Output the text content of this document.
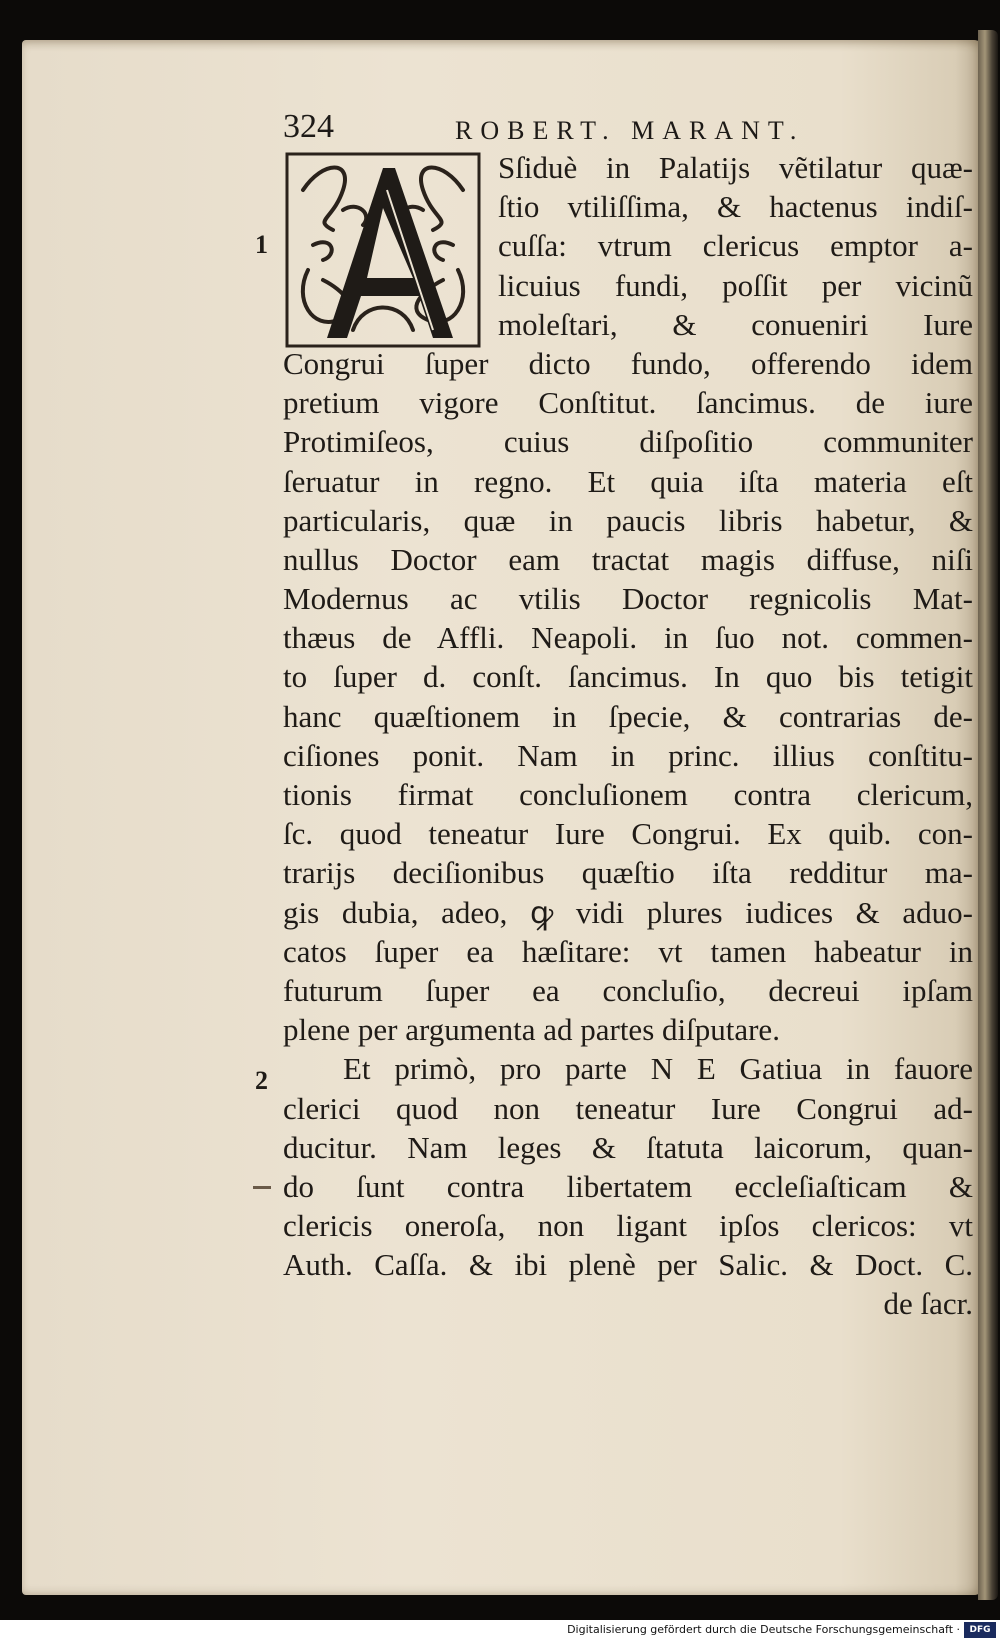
324	ROBERT. MARANT.
1
2
Sſiduè in Palatijs vẽtilatur quæ-
ſtio vtiliſſima, & hactenus indiſ-
cuſſa: vtrum clericus emptor a-
licuius fundi, poſſit per vicinũ
moleſtari, & conueniri Iure
Congrui ſuper dicto fundo, offerendo idem
pretium vigore Conſtitut. ſancimus. de iure
Protimiſeos, cuius diſpoſitio communiter
ſeruatur in regno. Et quia iſta materia eſt
particularis, quæ in paucis libris habetur, &
nullus Doctor eam tractat magis diffuse, niſi
Modernus ac vtilis Doctor regnicolis Mat-
thæus de Affli. Neapoli. in ſuo not. commen-
to ſuper d. conſt. ſancimus. In quo bis tetigit
hanc quæſtionem in ſpecie, & contrarias de-
ciſiones ponit. Nam in princ. illius conſtitu-
tionis firmat concluſionem contra clericum,
ſc. quod teneatur Iure Congrui. Ex quib. con-
trarijs deciſionibus quæſtio iſta redditur ma-
gis dubia, adeo, ꝙ vidi plures iudices & aduo-
catos ſuper ea hæſitare: vt tamen habeatur in
futurum ſuper ea concluſio, decreui ipſam
plene per argumenta ad partes diſputare.
Et primò, pro parte N E Gatiua in fauore
clerici quod non teneatur Iure Congrui ad-
ducitur. Nam leges & ſtatuta laicorum, quan-
do ſunt contra libertatem eccleſiaſticam &
clericis oneroſa, non ligant ipſos clericos: vt
Auth. Caſſa. & ibi plenè per Salic. & Doct. C.
de ſacr.
Digitalisierung gefördert durch die Deutsche Forschungsgemeinschaft ·	DFG
